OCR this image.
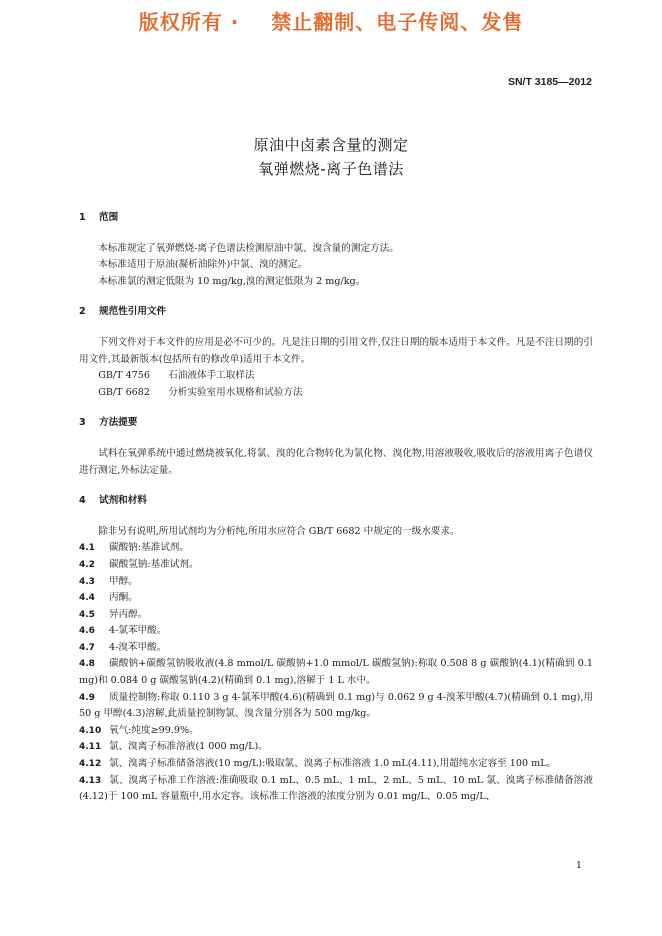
版权所有 · 禁止翻制、电子传阅、发售
SN/T 3185—2012
原油中卤素含量的测定
氧弹燃烧-离子色谱法
1 范围
本标准规定了氧弹燃烧-离子色谱法检测原油中氯、溴含量的测定方法。
本标准适用于原油(凝析油除外)中氯、溴的测定。
本标准氯的测定低限为 10 mg/kg,溴的测定低限为 2 mg/kg。
2 规范性引用文件
下列文件对于本文件的应用是必不可少的。凡是注日期的引用文件,仅注日期的版本适用于本文件。凡是不注日期的引用文件,其最新版本(包括所有的修改单)适用于本文件。
GB/T 4756 石油液体手工取样法
GB/T 6682 分析实验室用水规格和试验方法
3 方法提要
试料在氧弹系统中通过燃烧被氧化,将氯、溴的化合物转化为氯化物、溴化物,用溶液吸收,吸收后的溶液用离子色谱仪进行测定,外标法定量。
4 试剂和材料
除非另有说明,所用试剂均为分析纯,所用水应符合 GB/T 6682 中规定的一级水要求。
4.1 碳酸钠:基准试剂。
4.2 碳酸氢钠:基准试剂。
4.3 甲醇。
4.4 丙酮。
4.5 异丙醇。
4.6 4-氯苯甲酸。
4.7 4-溴苯甲酸。
4.8 碳酸钠+碳酸氢钠吸收液(4.8 mmol/L 碳酸钠+1.0 mmol/L 碳酸氢钠):称取 0.508 8 g 碳酸钠(4.1)(精确到 0.1 mg)和 0.084 0 g 碳酸氢钠(4.2)(精确到 0.1 mg),溶解于 1 L 水中。
4.9 质量控制物:称取 0.110 3 g 4-氯苯甲酸(4.6)(精确到 0.1 mg)与 0.062 9 g 4-溴苯甲酸(4.7)(精确到 0.1 mg),用 50 g 甲醇(4.3)溶解,此质量控制物氯、溴含量分别各为 500 mg/kg。
4.10 氧气:纯度≥99.9%。
4.11 氯、溴离子标准溶液(1 000 mg/L)。
4.12 氯、溴离子标准储备溶液(10 mg/L):吸取氯、溴离子标准溶液 1.0 mL(4.11),用超纯水定容至 100 mL。
4.13 氯、溴离子标准工作溶液:准确吸取 0.1 mL、0.5 mL、1 mL、2 mL、5 mL、10 mL 氯、溴离子标准储备溶液(4.12)于 100 mL 容量瓶中,用水定容。该标准工作溶液的浓度分别为 0.01 mg/L、0.05 mg/L、
1
